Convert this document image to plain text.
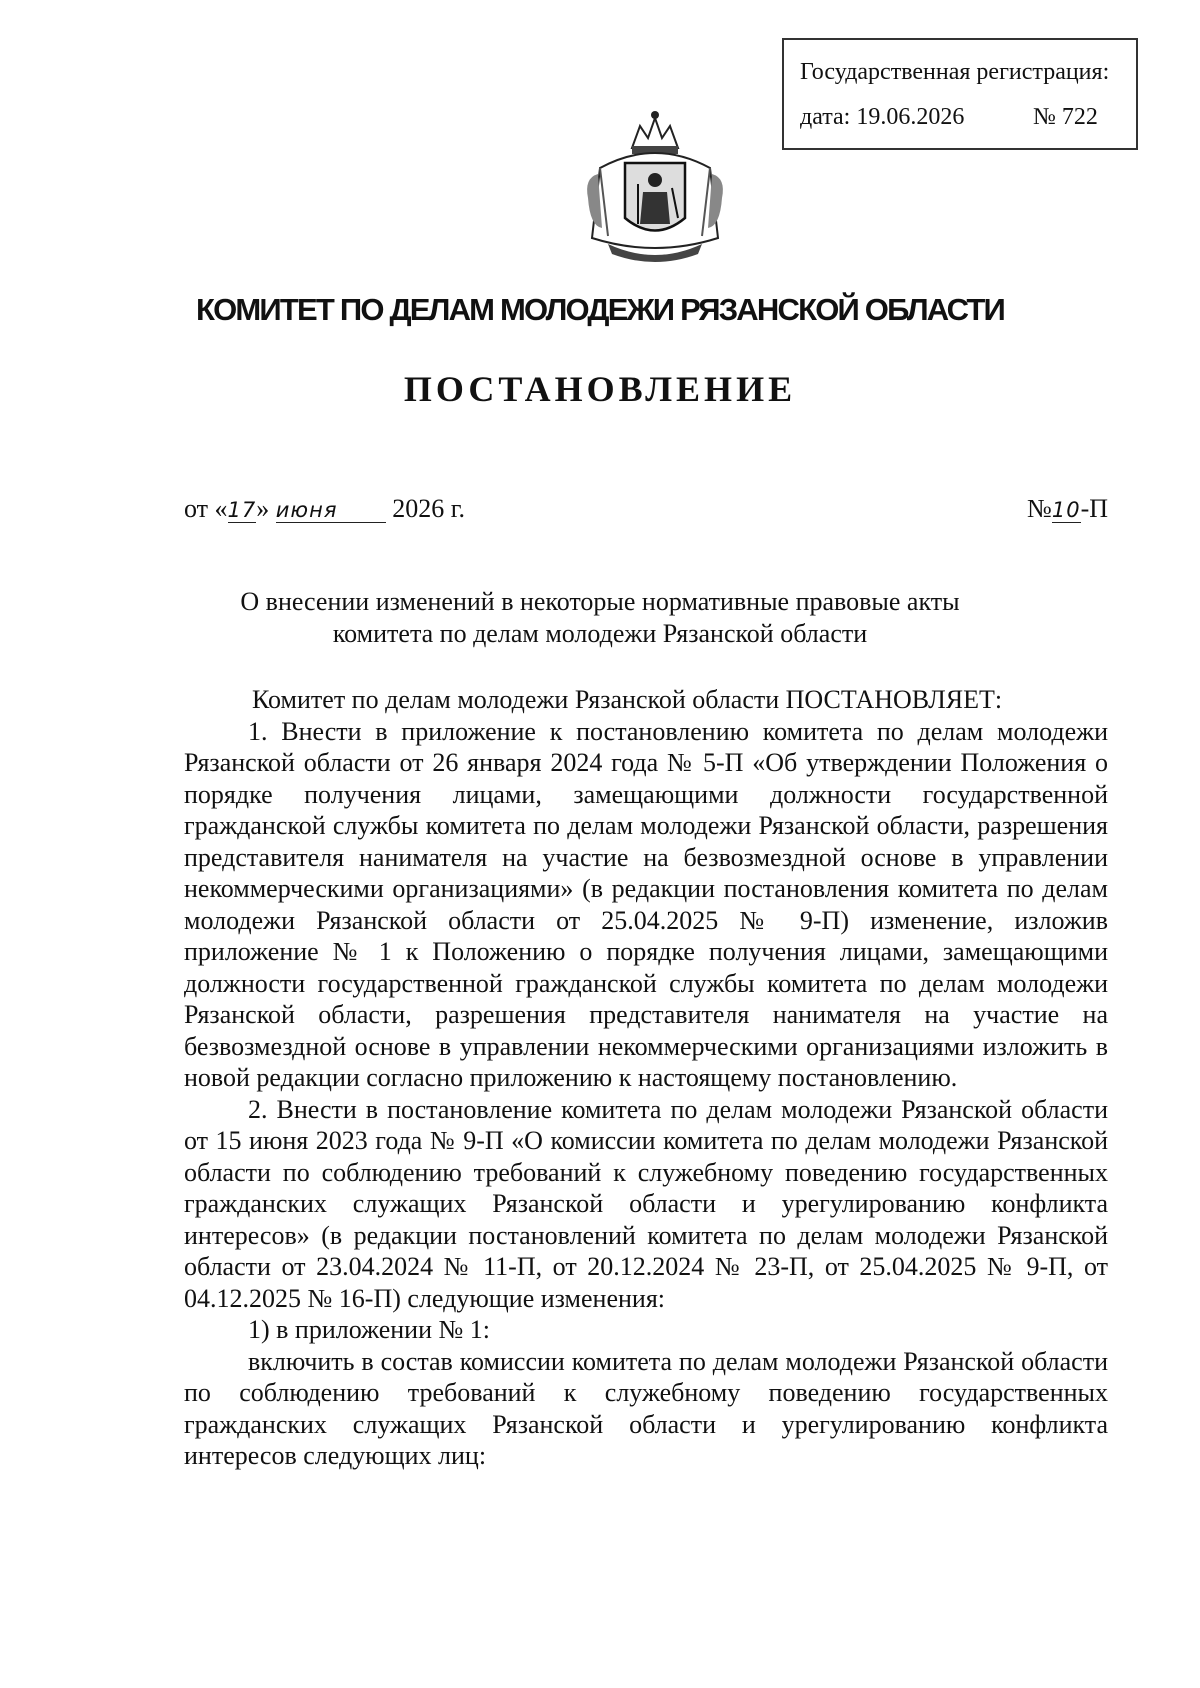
Государственная регистрация:
дата: 19.06.2026	№ 722
КОМИТЕТ ПО ДЕЛАМ МОЛОДЕЖИ РЯЗАНСКОЙ ОБЛАСТИ
ПОСТАНОВЛЕНИЕ
от «17» июня 2026 г.	№10-П
О внесении изменений в некоторые нормативные правовые акты
комитета по делам молодежи Рязанской области

Комитет по делам молодежи Рязанской области ПОСТАНОВЛЯЕТ:

1. Внести в приложение к постановлению комитета по делам молодежи Рязанской области от 26 января 2024 года № 5-П «Об утверждении Положения о порядке получения лицами, замещающими должности государственной гражданской службы комитета по делам молодежи Рязанской области, разрешения представителя нанимателя на участие на безвозмездной основе в управлении некоммерческими организациями» (в редакции постановления комитета по делам молодежи Рязанской области от 25.04.2025 № 9-П) изменение, изложив приложение № 1 к Положению о порядке получения лицами, замещающими должности государственной гражданской службы комитета по делам молодежи Рязанской области, разрешения представителя нанимателя на участие на безвозмездной основе в управлении некоммерческими организациями изложить в новой редакции согласно приложению к настоящему постановлению.

2. Внести в постановление комитета по делам молодежи Рязанской области от 15 июня 2023 года № 9-П «О комиссии комитета по делам молодежи Рязанской области по соблюдению требований к служебному поведению государственных гражданских служащих Рязанской области и урегулированию конфликта интересов» (в редакции постановлений комитета по делам молодежи Рязанской области от 23.04.2024 № 11-П, от 20.12.2024 № 23-П, от 25.04.2025 № 9-П, от 04.12.2025 № 16-П) следующие изменения:

1) в приложении № 1:

включить в состав комиссии комитета по делам молодежи Рязанской области по соблюдению требований к служебному поведению государственных гражданских служащих Рязанской области и урегулированию конфликта интересов следующих лиц:
